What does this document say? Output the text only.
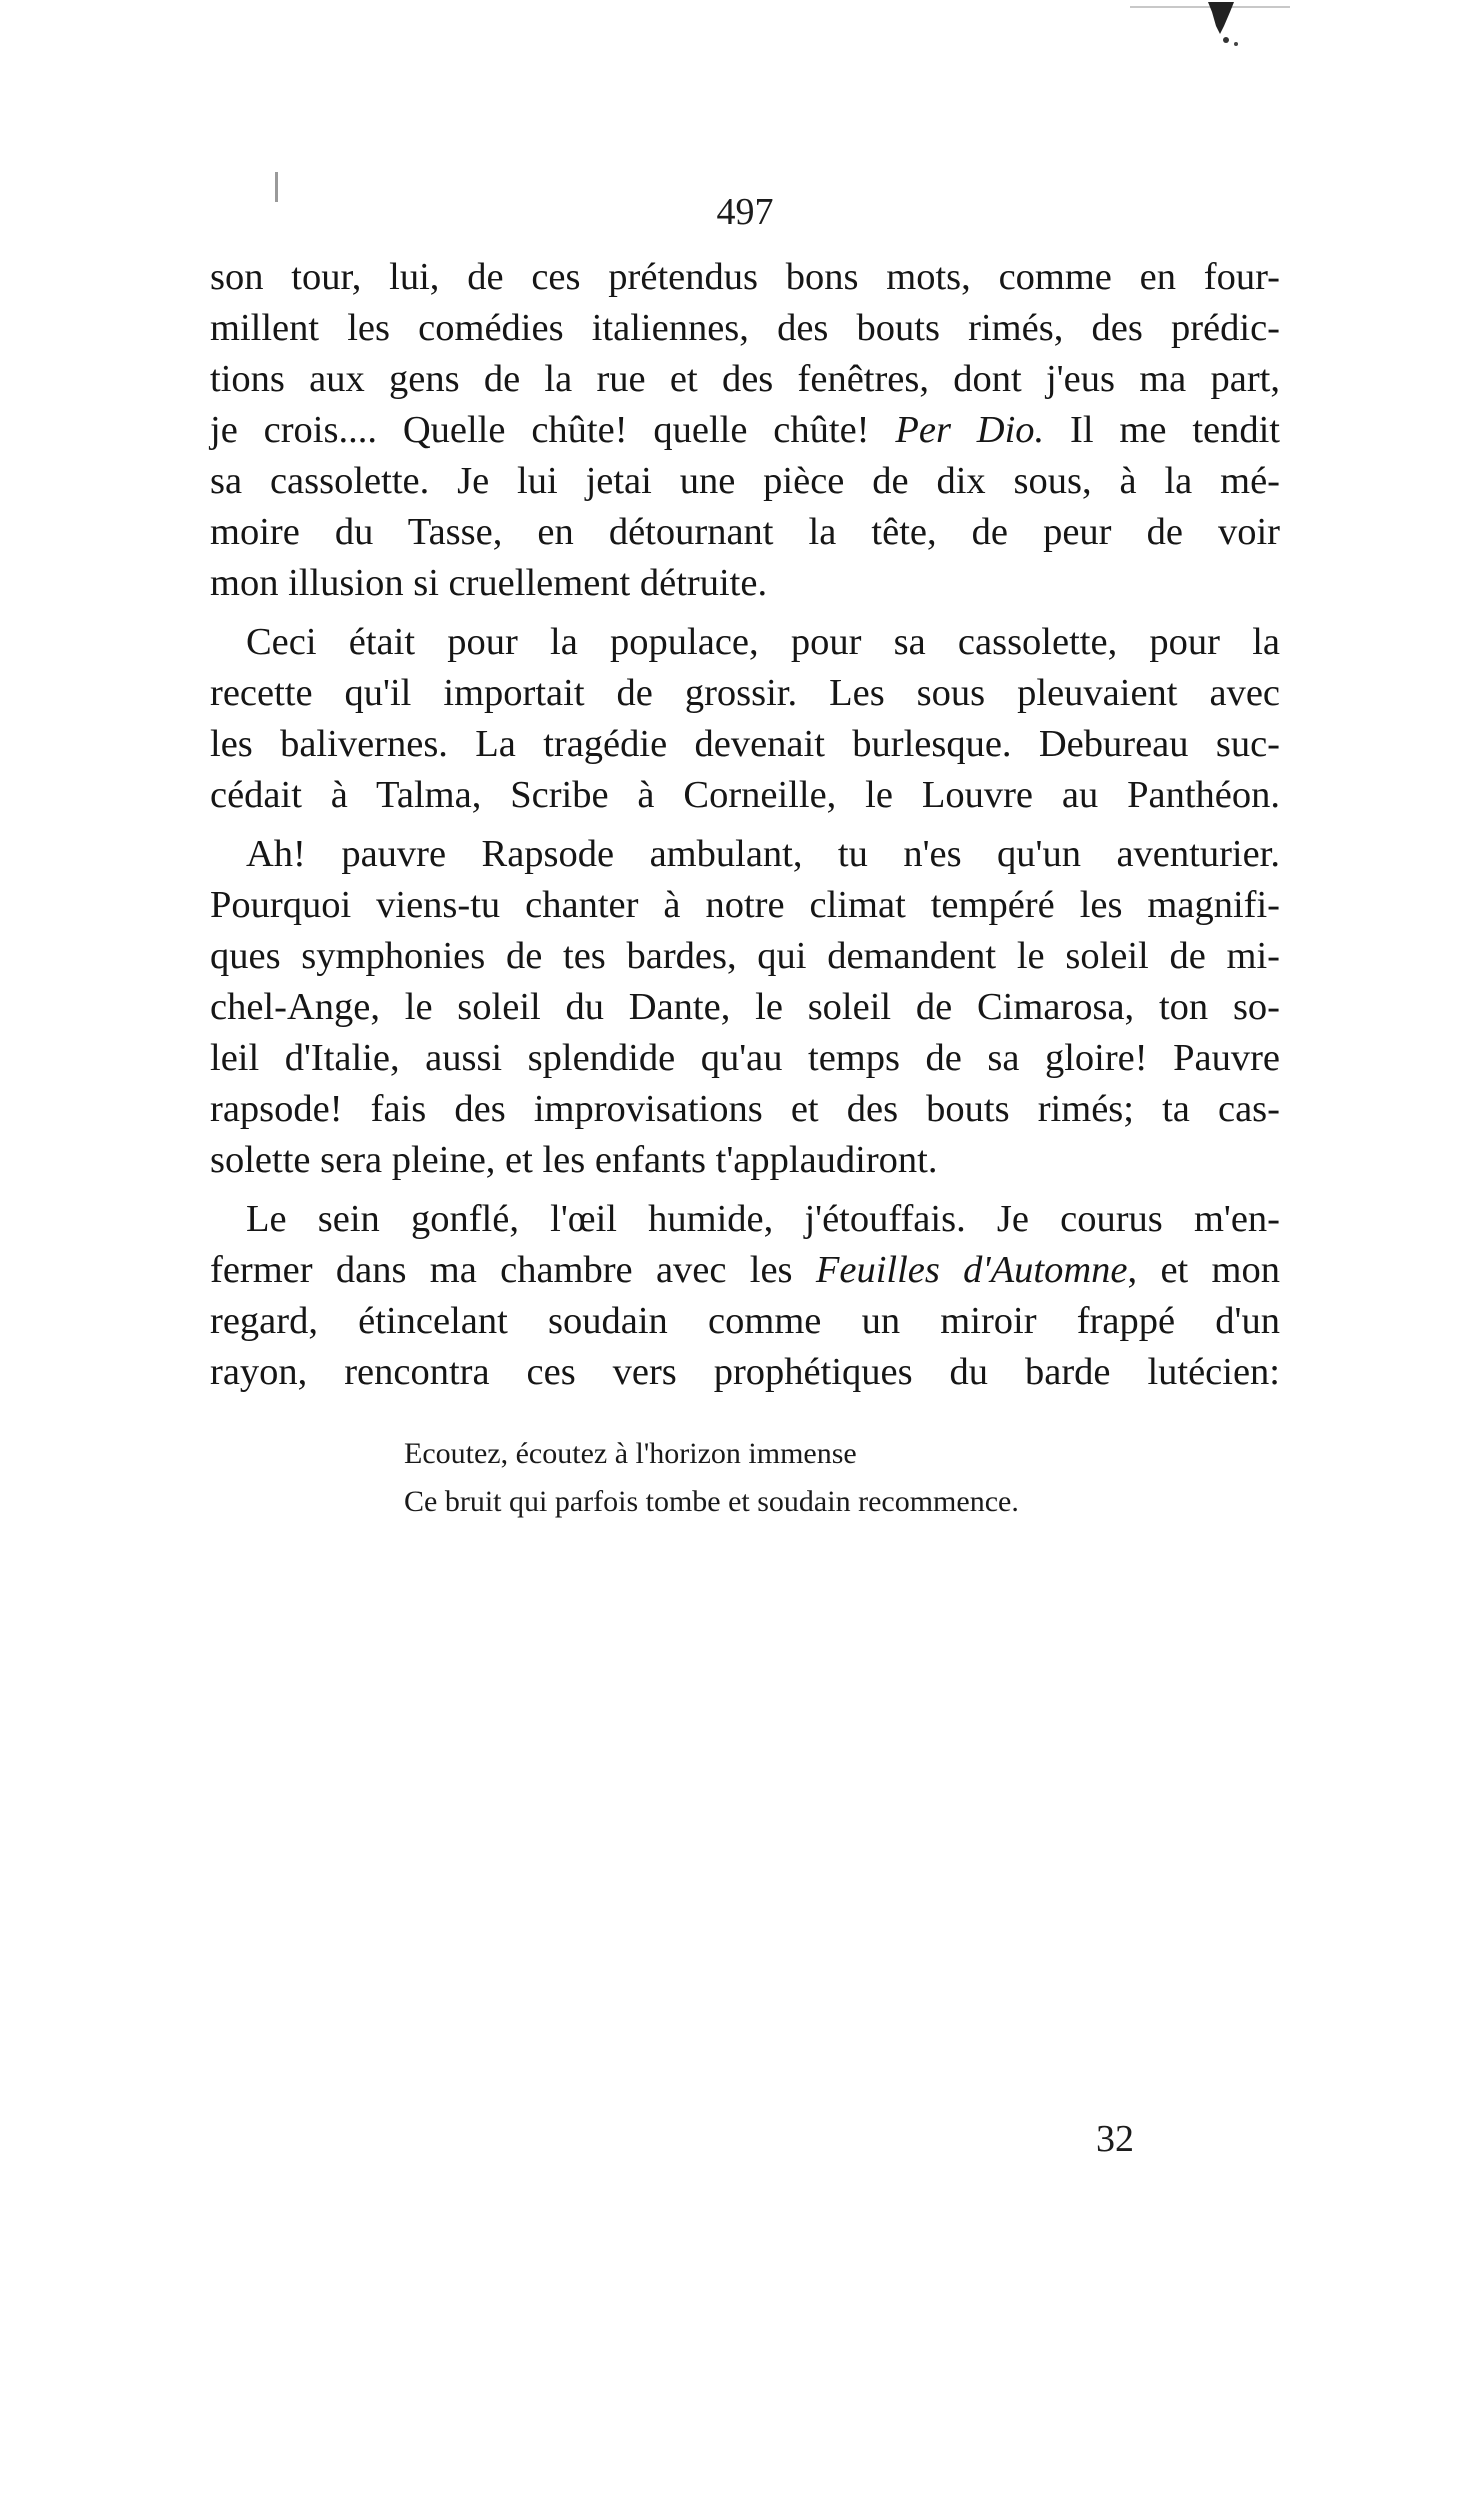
497

son tour, lui, de ces prétendus bons mots, comme en four-
millent les comédies italiennes, des bouts rimés, des prédic-
tions aux gens de la rue et des fenêtres, dont j'eus ma part,
je crois.... Quelle chûte! quelle chûte! Per Dio. Il me tendit
sa cassolette. Je lui jetai une pièce de dix sous, à la mé-
moire du Tasse, en détournant la tête, de peur de voir
mon illusion si cruellement détruite.

Ceci était pour la populace, pour sa cassolette, pour la
recette qu'il importait de grossir. Les sous pleuvaient avec
les balivernes. La tragédie devenait burlesque. Debureau suc-
cédait à Talma, Scribe à Corneille, le Louvre au Panthéon.

Ah! pauvre Rapsode ambulant, tu n'es qu'un aventurier.
Pourquoi viens-tu chanter à notre climat tempéré les magnifi-
ques symphonies de tes bardes, qui demandent le soleil de mi-
chel-Ange, le soleil du Dante, le soleil de Cimarosa, ton so-
leil d'Italie, aussi splendide qu'au temps de sa gloire! Pauvre
rapsode! fais des improvisations et des bouts rimés; ta cas-
solette sera pleine, et les enfants t'applaudiront.

Le sein gonflé, l'œil humide, j'étouffais. Je courus m'en-
fermer dans ma chambre avec les Feuilles d'Automne, et mon
regard, étincelant soudain comme un miroir frappé d'un
rayon, rencontra ces vers prophétiques du barde lutécien:

Ecoutez, écoutez à l'horizon immense
Ce bruit qui parfois tombe et soudain recommence.
32
